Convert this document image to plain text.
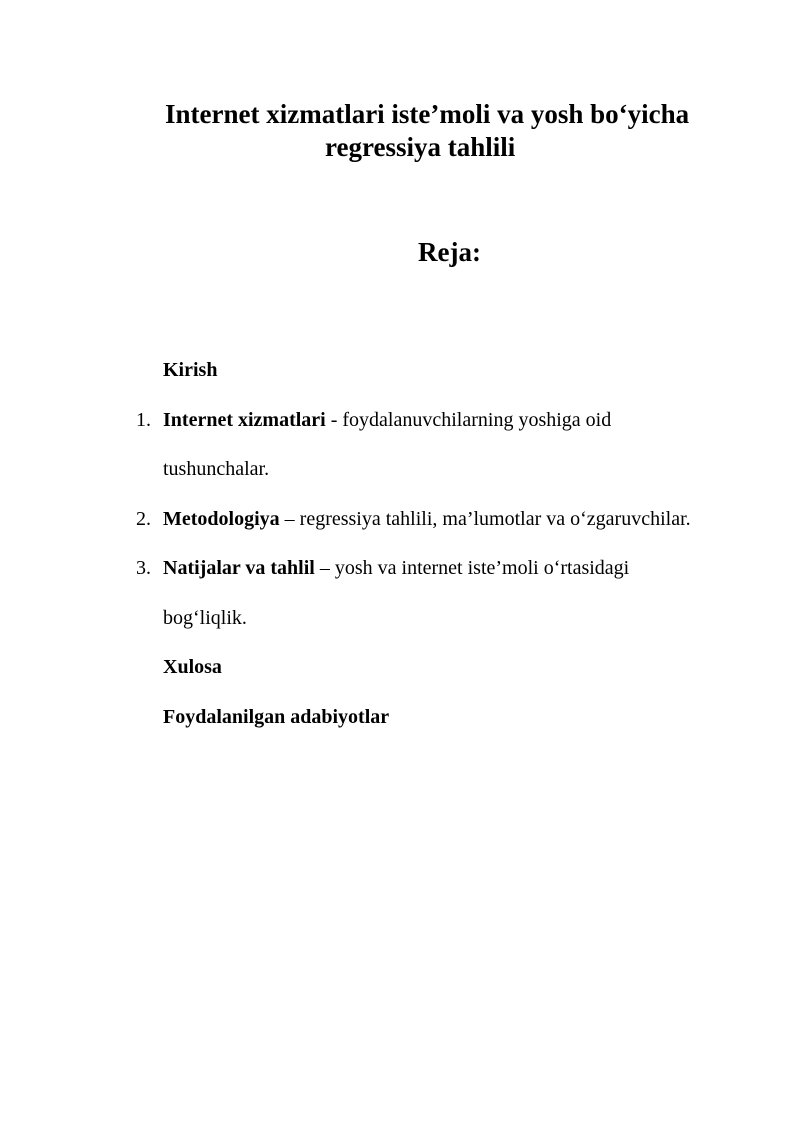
Internet xizmatlari iste’moli va yosh bo‘yicha
regressiya tahlili
Reja:
Kirish
1. Internet xizmatlari - foydalanuvchilarning yoshiga oid
tushunchalar.
2. Metodologiya – regressiya tahlili, ma’lumotlar va o‘zgaruvchilar.
3. Natijalar va tahlil – yosh va internet iste’moli o‘rtasidagi
bog‘liqlik.
Xulosa
Foydalanilgan adabiyotlar
